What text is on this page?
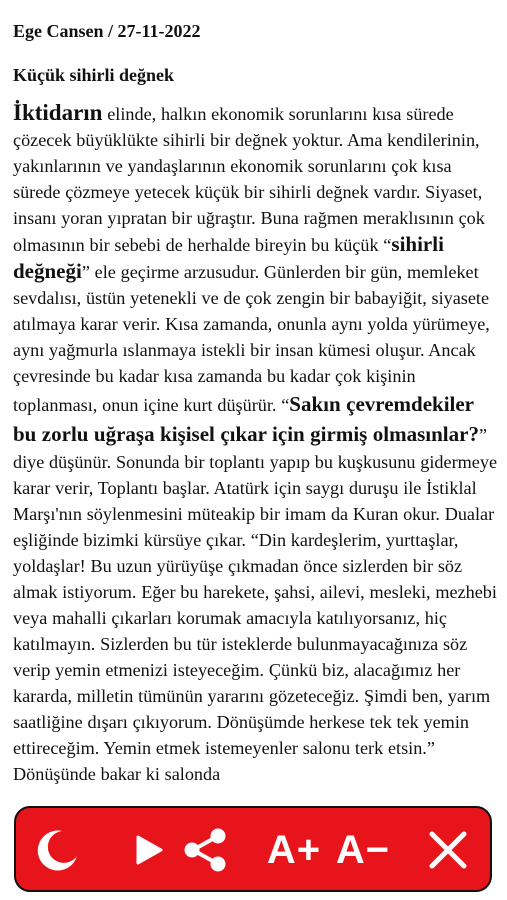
Ege Cansen / 27-11-2022
Küçük sihirli değnek

İktidarın elinde, halkın ekonomik sorunlarını kısa sürede çözecek büyüklükte sihirli bir değnek yoktur. Ama kendilerinin, yakınlarının ve yandaşlarının ekonomik sorunlarını çok kısa sürede çözmeye yetecek küçük bir sihirli değnek vardır. Siyaset, insanı yoran yıpratan bir uğraştır. Buna rağmen meraklısının çok olmasının bir sebebi de herhalde bireyin bu küçük “sihirli değneği” ele geçirme arzusudur. Günlerden bir gün, memleket sevdalısı, üstün yetenekli ve de çok zengin bir babayiğit, siyasete atılmaya karar verir. Kısa zamanda, onunla aynı yolda yürümeye, aynı yağmurla ıslanmaya istekli bir insan kümesi oluşur. Ancak çevresinde bu kadar kısa zamanda bu kadar çok kişinin toplanması, onun içine kurt düşürür. “Sakın çevremdekiler bu zorlu uğraşa kişisel çıkar için girmiş olmasınlar?” diye düşünür. Sonunda bir toplantı yapıp bu kuşkusunu gidermeye karar verir, Toplantı başlar. Atatürk için saygı duruşu ile İstiklal Marşı'nın söylenmesini müteakip bir imam da Kuran okur. Dualar eşliğinde bizimki kürsüye çıkar. “Din kardeşlerim, yurttaşlar, yoldaşlar! Bu uzun yürüyüşe çıkmadan önce sizlerden bir söz almak istiyorum. Eğer bu harekete, şahsi, ailevi, mesleki, mezhebi veya mahalli çıkarları korumak amacıyla katılıyorsanız, hiç katılmayın. Sizlerden bu tür isteklerde bulunmayacağınıza söz verip yemin etmenizi isteyeceğim. Çünkü biz, alacağımız her kararda, milletin tümünün yararını gözeteceğiz. Şimdi ben, yarım saatliğine dışarı çıkıyorum. Dönüşümde herkese tek tek yemin ettireceğim. Yemin etmek istemeyenler salonu terk etsin.” Dönüşünde bakar ki salonda

A+ A−
